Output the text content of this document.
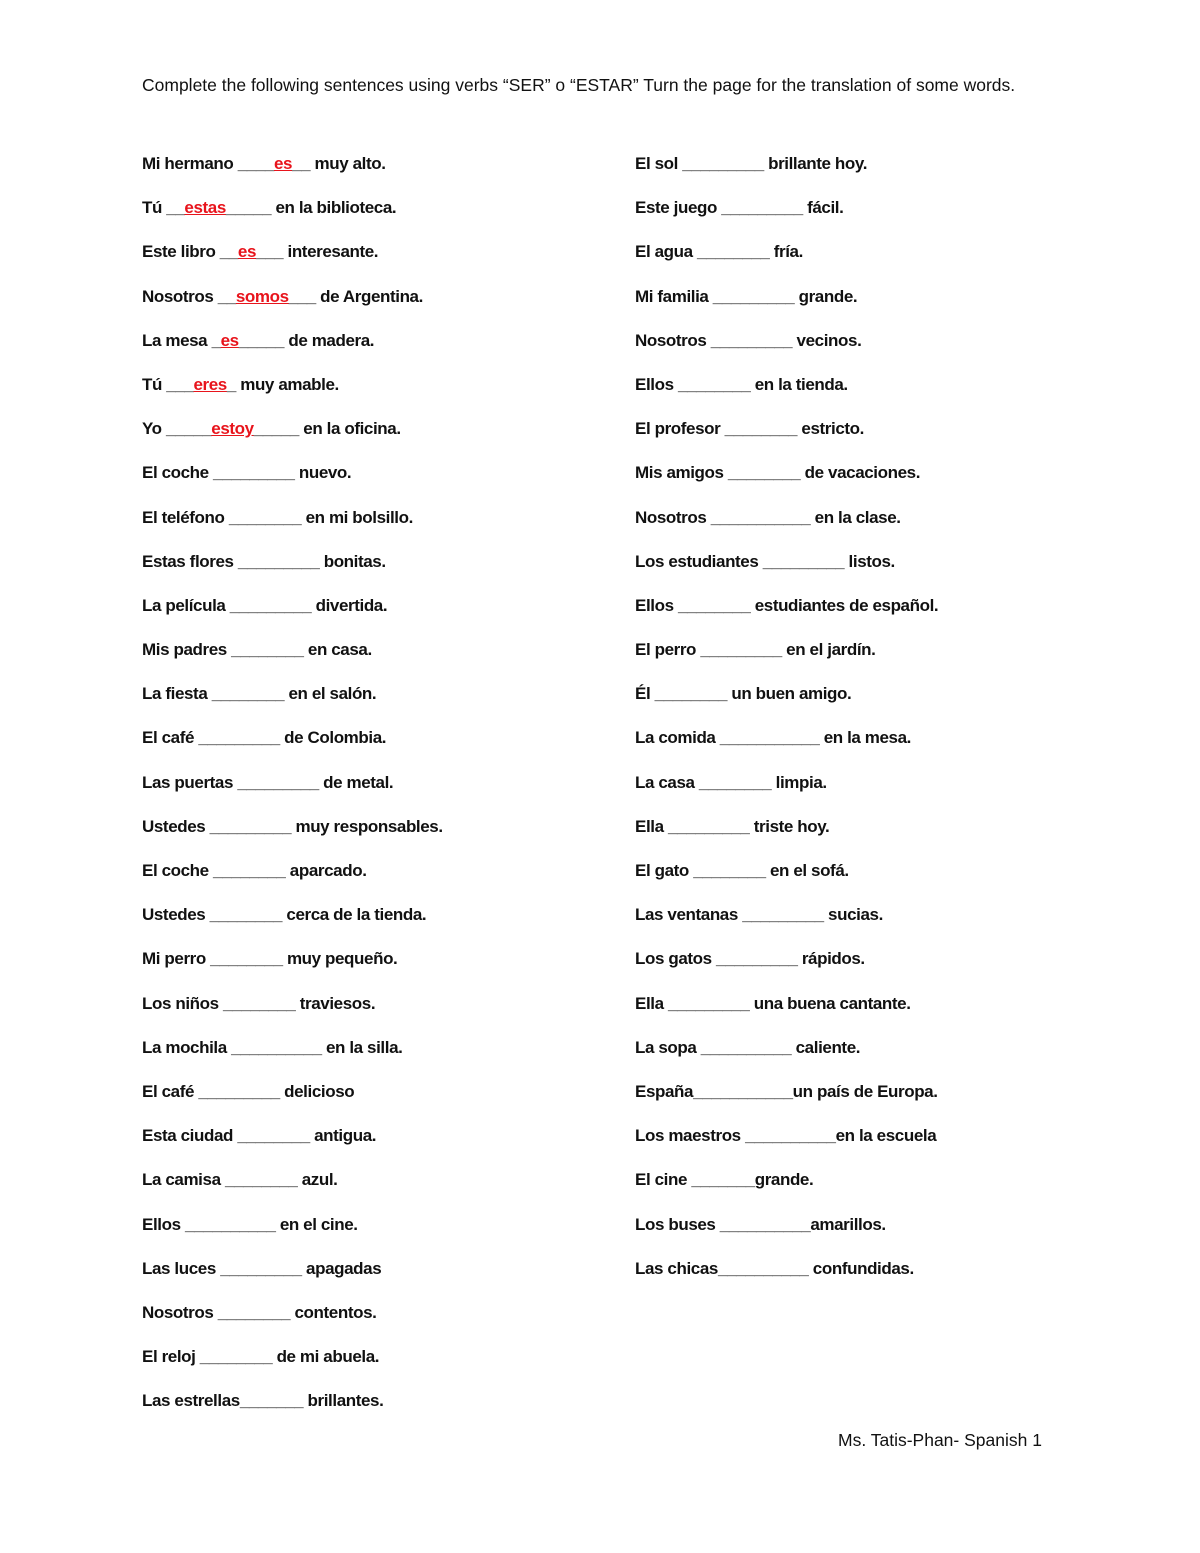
Complete the following sentences using verbs “SER” o “ESTAR” Turn the page for the translation of some words.
Mi hermano ____es__ muy alto.
Tú __estas_____ en la biblioteca.
Este libro __es___ interesante.
Nosotros __somos___ de Argentina.
La mesa _es_____ de madera.
Tú ___eres_ muy amable.
Yo _____estoy_____ en la oficina.
El coche _________ nuevo.
El teléfono ________ en mi bolsillo.
Estas flores _________ bonitas.
La película _________ divertida.
Mis padres ________ en casa.
La fiesta ________ en el salón.
El café _________ de Colombia.
Las puertas _________ de metal.
Ustedes _________ muy responsables.
El coche ________ aparcado.
Ustedes ________ cerca de la tienda.
Mi perro ________ muy pequeño.
Los niños ________ traviesos.
La mochila __________ en la silla.
El café _________ delicioso
Esta ciudad ________ antigua.
La camisa ________ azul.
Ellos __________ en el cine.
Las luces _________ apagadas
Nosotros ________ contentos.
El reloj ________ de mi abuela.
Las estrellas_______ brillantes.
El sol _________ brillante hoy.
Este juego _________ fácil.
El agua ________ fría.
Mi familia _________ grande.
Nosotros _________ vecinos.
Ellos ________ en la tienda.
El profesor ________ estricto.
Mis amigos ________ de vacaciones.
Nosotros ___________ en la clase.
Los estudiantes _________ listos.
Ellos ________ estudiantes de español.
El perro _________ en el jardín.
Él ________ un buen amigo.
La comida ___________ en la mesa.
La casa ________ limpia.
Ella _________ triste hoy.
El gato ________ en el sofá.
Las ventanas _________ sucias.
Los gatos _________ rápidos.
Ella _________ una buena cantante.
La sopa __________ caliente.
España___________un país de Europa.
Los maestros __________en la escuela
El cine _______grande.
Los buses __________amarillos.
Las chicas__________ confundidas.
Ms. Tatis-Phan- Spanish 1
